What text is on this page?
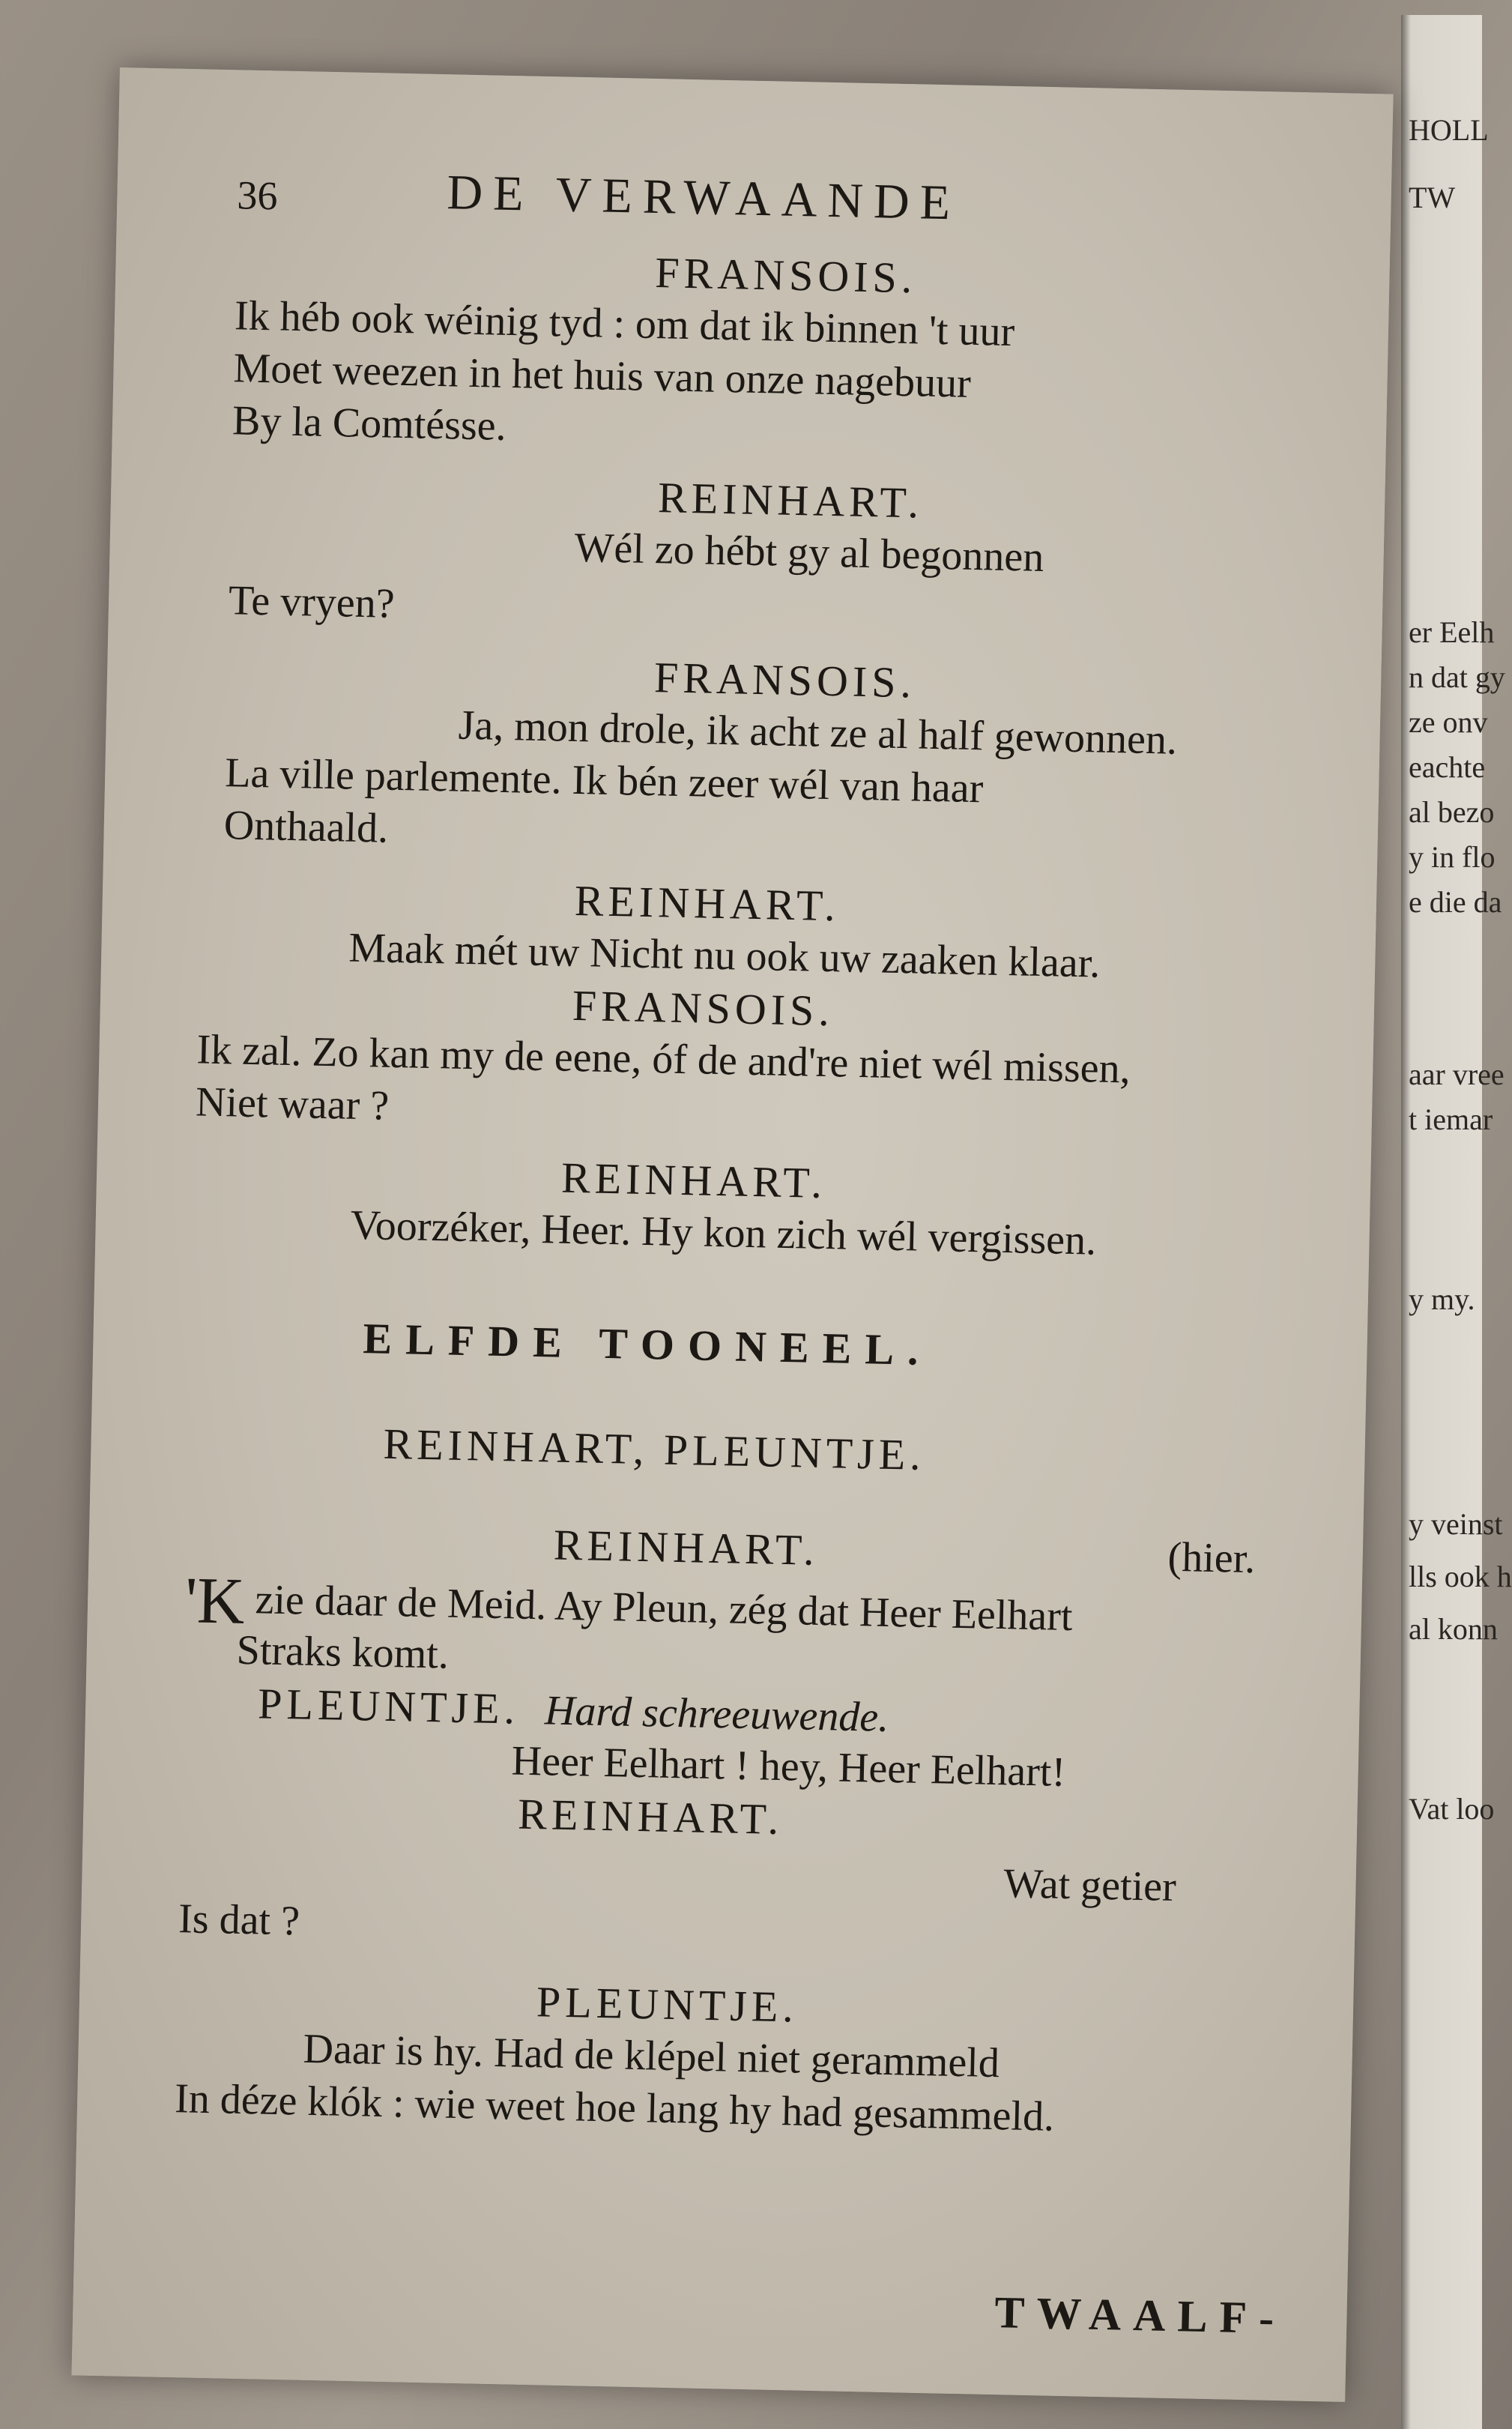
HOLL
TW
er Eelh
n dat gy
ze onv
eachte
al bezo
y in flo
e die da
aar vree
t iemar
y my.
y veinst
lls ook h
al konn
Vat loo
36	DE VERWAANDE
FRANSOIS.
Ik héb ook wéinig tyd : om dat ik binnen 't uur
Moet weezen in het huis van onze nagebuur
By la Comtésse.
REINHART.
Wél zo hébt gy al begonnen
Te vryen?
FRANSOIS.
Ja, mon drole, ik acht ze al half gewonnen.
La ville parlemente. Ik bén zeer wél van haar
Onthaald.
REINHART.
Maak mét uw Nicht nu ook uw zaaken klaar.
FRANSOIS.
Ik zal. Zo kan my de eene, óf de and're niet wél missen,
Niet waar ?
REINHART.
Voorzéker, Heer. Hy kon zich wél vergissen.
ELFDE TOONEEL.
REINHART, PLEUNTJE.
REINHART.	(hier.
'K zie daar de Meid. Ay Pleun, zég dat Heer Eelhart
Straks komt.
PLEUNTJE. Hard schreeuwende.
Heer Eelhart ! hey, Heer Eelhart!
REINHART.
Wat getier
Is dat ?
PLEUNTJE.
Daar is hy. Had de klépel niet gerammeld
In déze klók : wie weet hoe lang hy had gesammeld.
TWAALF-
